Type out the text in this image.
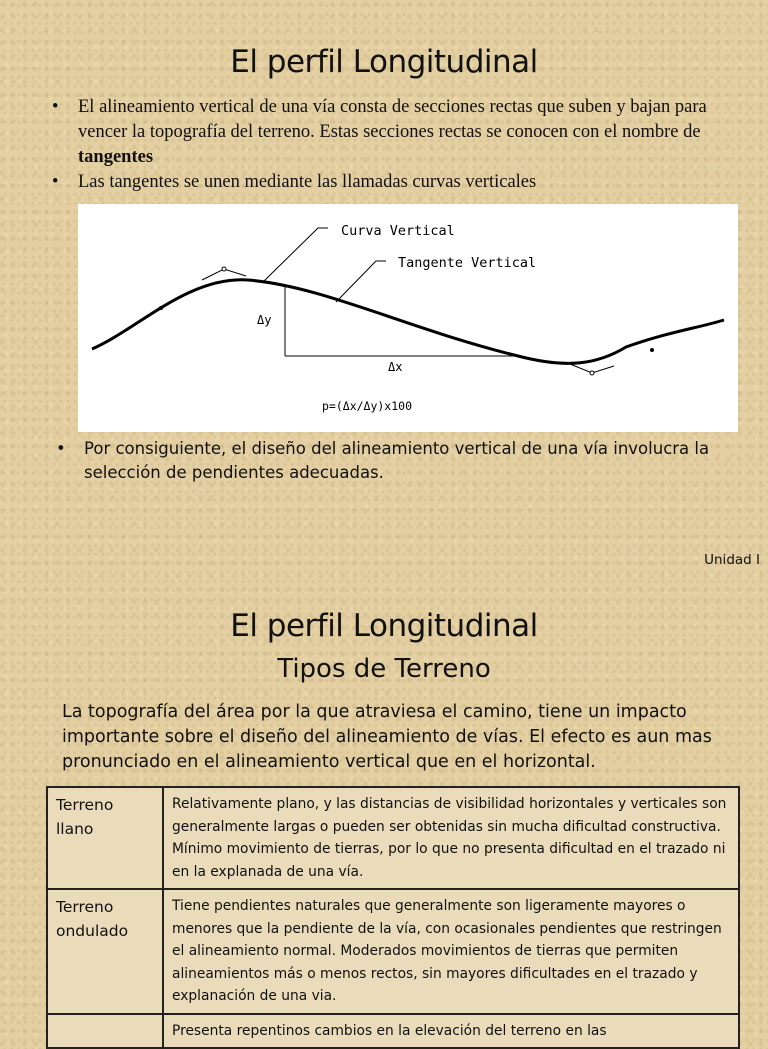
El perfil Longitudinal
• El alineamiento vertical de una vía consta de secciones rectas que suben y bajan para vencer la topografía del terreno. Estas secciones rectas se conocen con el nombre de tangentes
• Las tangentes se unen mediante las llamadas curvas verticales
Curva Vertical
Tangente Vertical
Δy
Δx
p=(Δx/Δy)x100
• Por consiguiente, el diseño del alineamiento vertical de una vía involucra la selección de pendientes adecuadas.
Unidad I
El perfil Longitudinal
Tipos de Terreno

La topografía del área por la que atraviesa el camino, tiene un impacto importante sobre el diseño del alineamiento de vías. El efecto es aun mas pronunciado en el alineamiento vertical que en el horizontal.

Terreno llano	Relativamente plano, y las distancias de visibilidad horizontales y verticales son generalmente largas o pueden ser obtenidas sin mucha dificultad constructiva. Mínimo movimiento de tierras, por lo que no presenta dificultad en el trazado ni en la explanada de una vía.
Terreno ondulado	Tiene pendientes naturales que generalmente son ligeramente mayores o menores que la pendiente de la vía, con ocasionales pendientes que restringen el alineamiento normal. Moderados movimientos de tierras que permiten alineamientos más o menos rectos, sin mayores dificultades en el trazado y explanación de una via.
	Presenta repentinos cambios en la elevación del terreno en las
